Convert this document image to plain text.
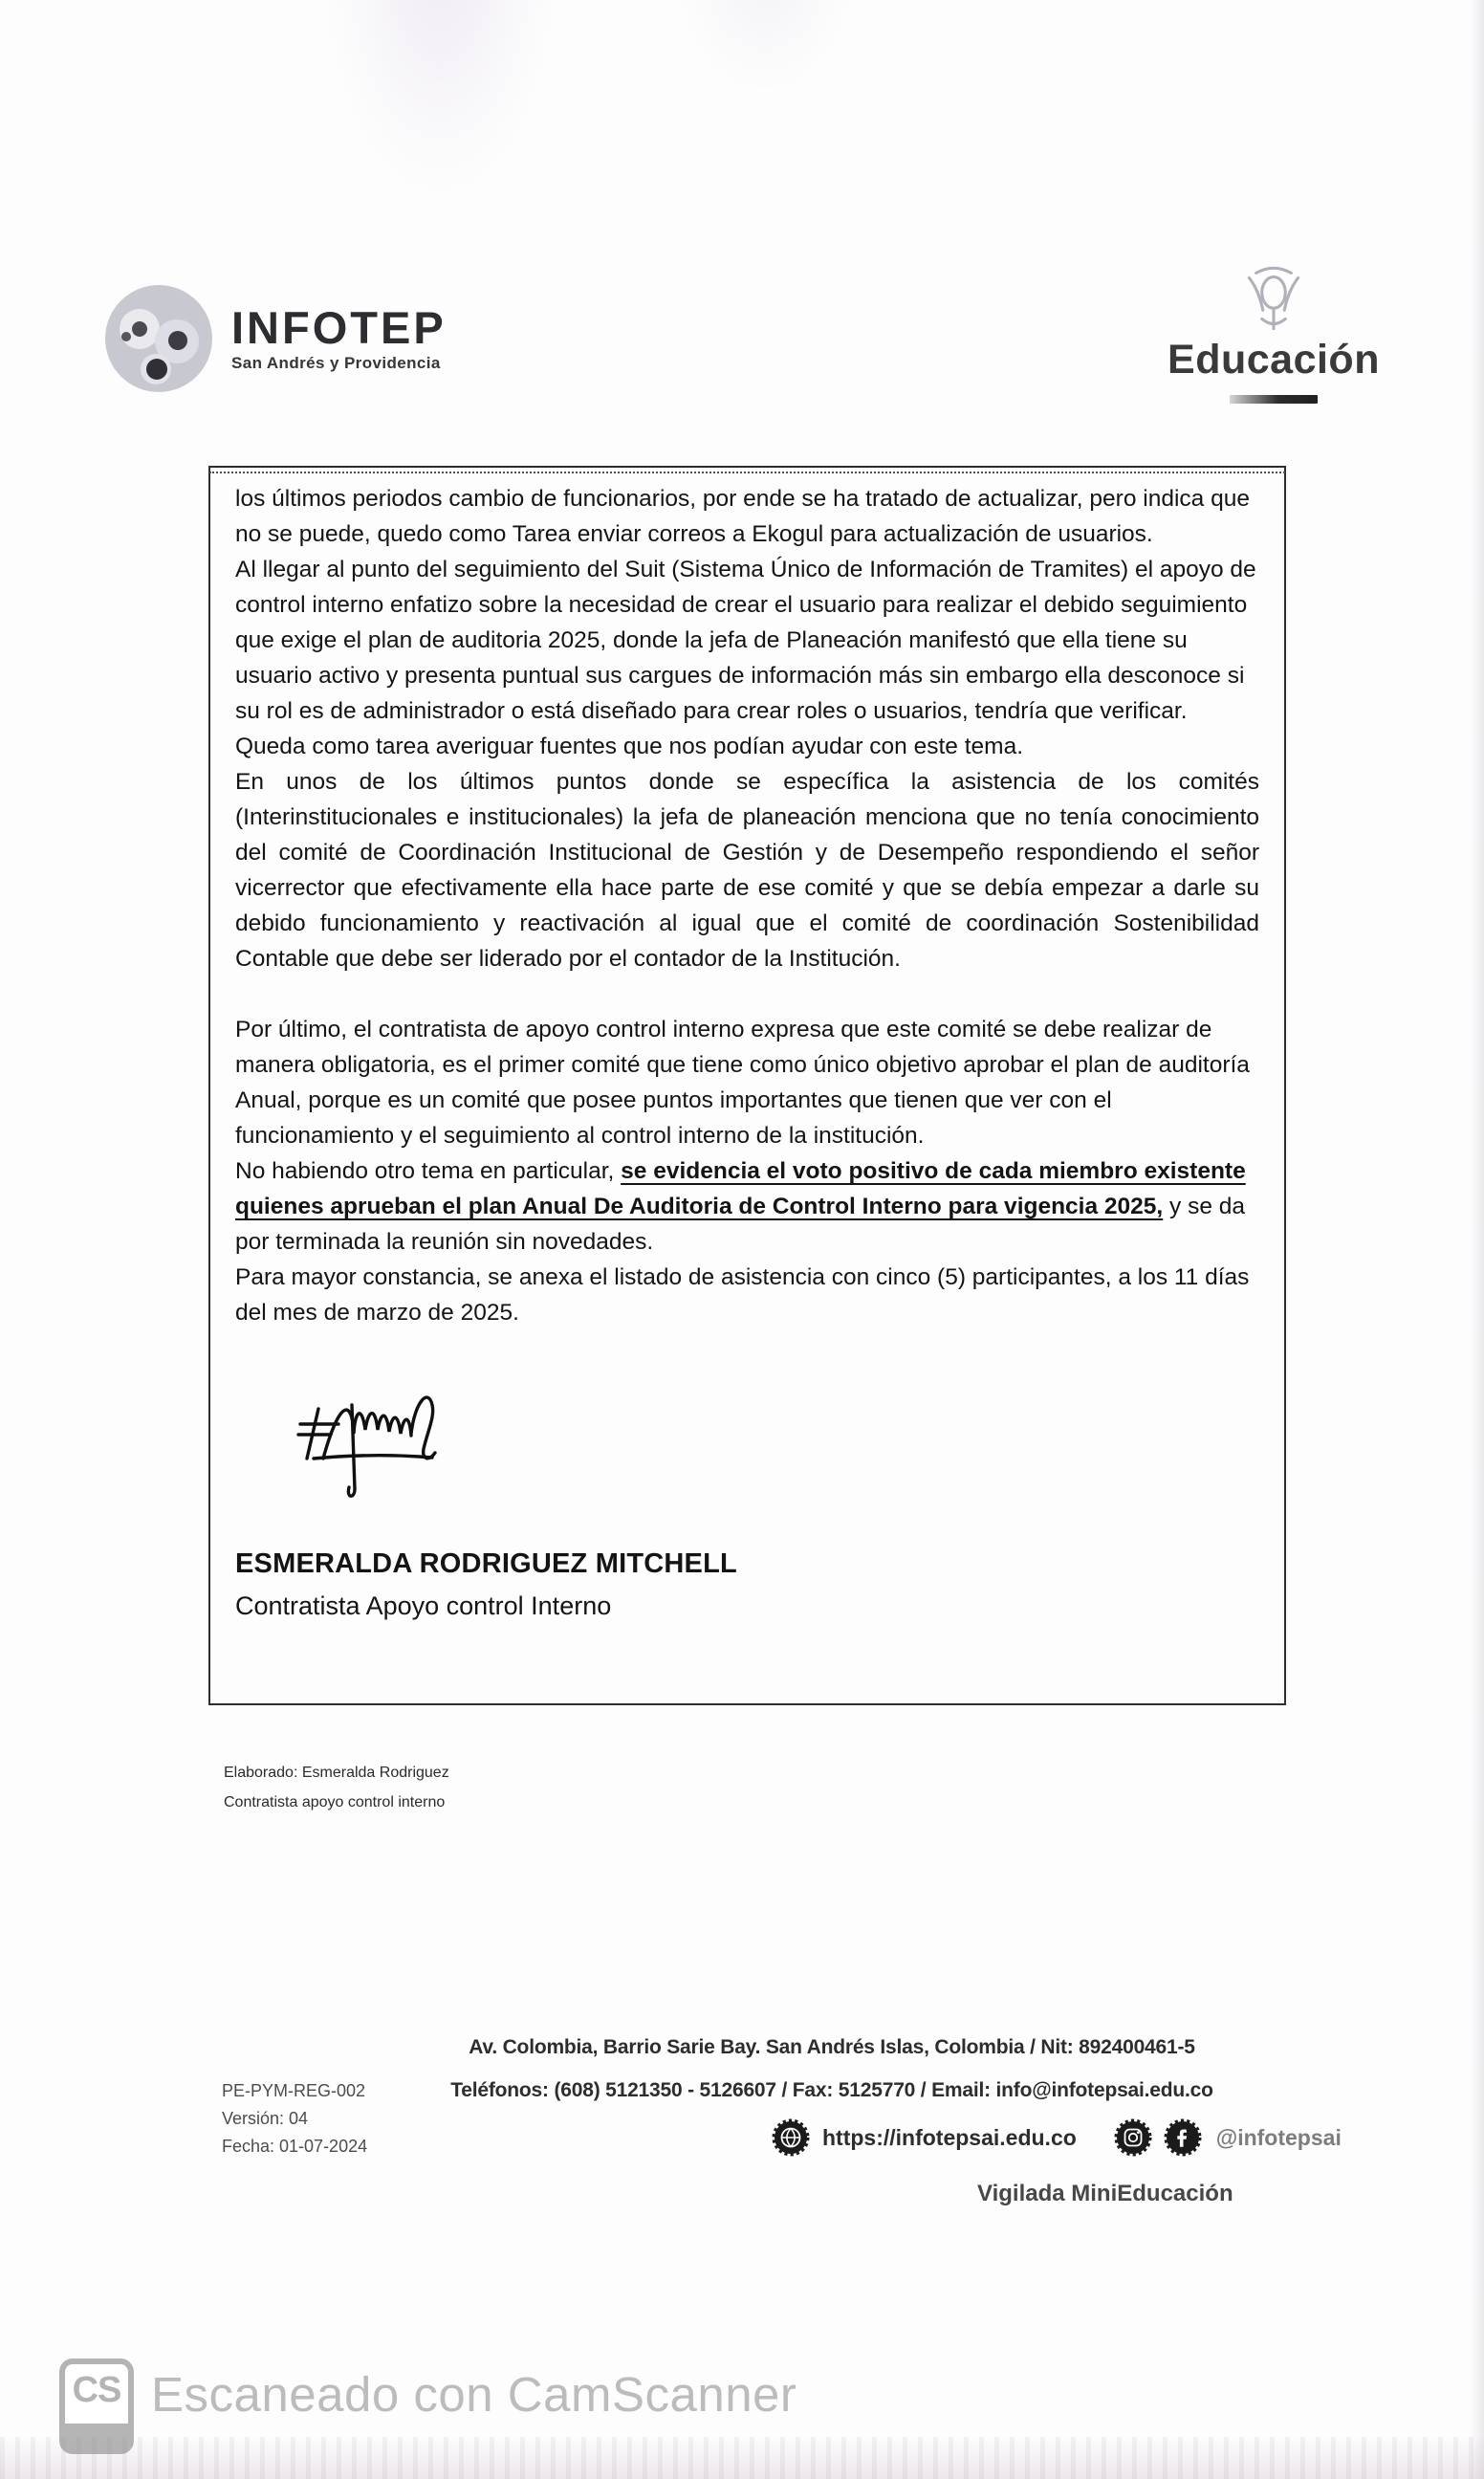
INFOTEP
San Andrés y Providencia	Educación

los últimos periodos cambio de funcionarios, por ende se ha tratado de actualizar, pero indica que no se puede, quedo como Tarea enviar correos a Ekogul para actualización de usuarios.

Al llegar al punto del seguimiento del Suit (Sistema Único de Información de Tramites) el apoyo de control interno enfatizo sobre la necesidad de crear el usuario para realizar el debido seguimiento que exige el plan de auditoria 2025, donde la jefa de Planeación manifestó que ella tiene su usuario activo y presenta puntual sus cargues de información más sin embargo ella desconoce si su rol es de administrador o está diseñado para crear roles o usuarios, tendría que verificar. Queda como tarea averiguar fuentes que nos podían ayudar con este tema.

En unos de los últimos puntos donde se específica la asistencia de los comités (Interinstitucionales e institucionales) la jefa de planeación menciona que no tenía conocimiento del comité de Coordinación Institucional de Gestión y de Desempeño respondiendo el señor vicerrector que efectivamente ella hace parte de ese comité y que se debía empezar a darle su debido funcionamiento y reactivación al igual que el comité de coordinación Sostenibilidad Contable que debe ser liderado por el contador de la Institución.

Por último, el contratista de apoyo control interno expresa que este comité se debe realizar de manera obligatoria, es el primer comité que tiene como único objetivo aprobar el plan de auditoría Anual, porque es un comité que posee puntos importantes que tienen que ver con el funcionamiento y el seguimiento al control interno de la institución.

No habiendo otro tema en particular, se evidencia el voto positivo de cada miembro existente quienes aprueban el plan Anual De Auditoria de Control Interno para vigencia 2025, y se da por terminada la reunión sin novedades.

Para mayor constancia, se anexa el listado de asistencia con cinco (5) participantes, a los 11 días del mes de marzo de 2025.

ESMERALDA RODRIGUEZ MITCHELL
Contratista Apoyo control Interno
Elaborado: Esmeralda Rodriguez
Contratista apoyo control interno
PE-PYM-REG-002
Versión: 04
Fecha: 01-07-2024
Av. Colombia, Barrio Sarie Bay. San Andrés Islas, Colombia / Nit: 892400461-5
Teléfonos: (608) 5121350 - 5126607 / Fax: 5125770 / Email: info@infotepsai.edu.co
https://infotepsai.edu.co	@infotepsai
Vigilada MiniEducación
CS Escaneado con CamScanner
